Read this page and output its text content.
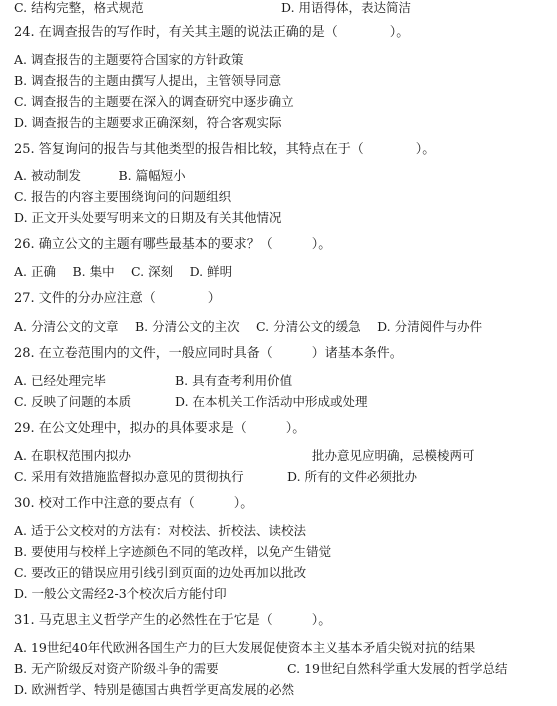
C. 结构完整，格式规范
24. 在调查报告的写作时，有关其主题的说法正确的是（　　　　）。
A. 调查报告的主题要符合国家的方针政策
B. 调查报告的主题由撰写人提出，主管领导同意
C. 调查报告的主题要在深入的调查研究中逐步确立
D. 调查报告的主题要求正确深刻，符合客观实际
25. 答复询问的报告与其他类型的报告相比较，其特点在于（　　　　）。
A. 被动制发　　　B. 篇幅短小
C. 报告的内容主要围绕询问的问题组织
D. 正文开头处要写明来文的日期及有关其他情况
26. 确立公文的主题有哪些最基本的要求？（　　　）。
A. 正确　 B. 集中　 C. 深刻　 D. 鲜明
27. 文件的分办应注意（　　　　）
A. 分清公文的文章　 B. 分清公文的主次　 C. 分清公文的缓急　 D. 分清阅件与办件
28. 在立卷范围内的文件，一般应同时具备（　　　）诸基本条件。
A. 已经处理完毕
C. 反映了问题的本质
29. 在公文处理中，拟办的具体要求是（　　　）。
A. 在职权范围内拟办
C. 采用有效措施监督拟办意见的贯彻执行
30. 校对工作中注意的要点有（　　　）。
A. 适于公文校对的方法有：对校法、折校法、读校法
B. 要使用与校样上字迹颜色不同的笔改样，以免产生错觉
C. 要改正的错误应用引线引到页面的边处再加以批改
D. 一般公文需经2-3个校次后方能付印
31. 马克思主义哲学产生的必然性在于它是（　　　）。
A. 19世纪40年代欧洲各国生产力的巨大发展促使资本主义基本矛盾尖锐对抗的结果
B. 无产阶级反对资产阶级斗争的需要
D. 欧洲哲学、特别是德国古典哲学更高发展的必然
D. 用语得体，表达简洁
B. 具有查考利用价值
D. 在本机关工作活动中形成或处理
批办意见应明确，忌模棱两可
D. 所有的文件必须批办
C. 19世纪自然科学重大发展的哲学总结
